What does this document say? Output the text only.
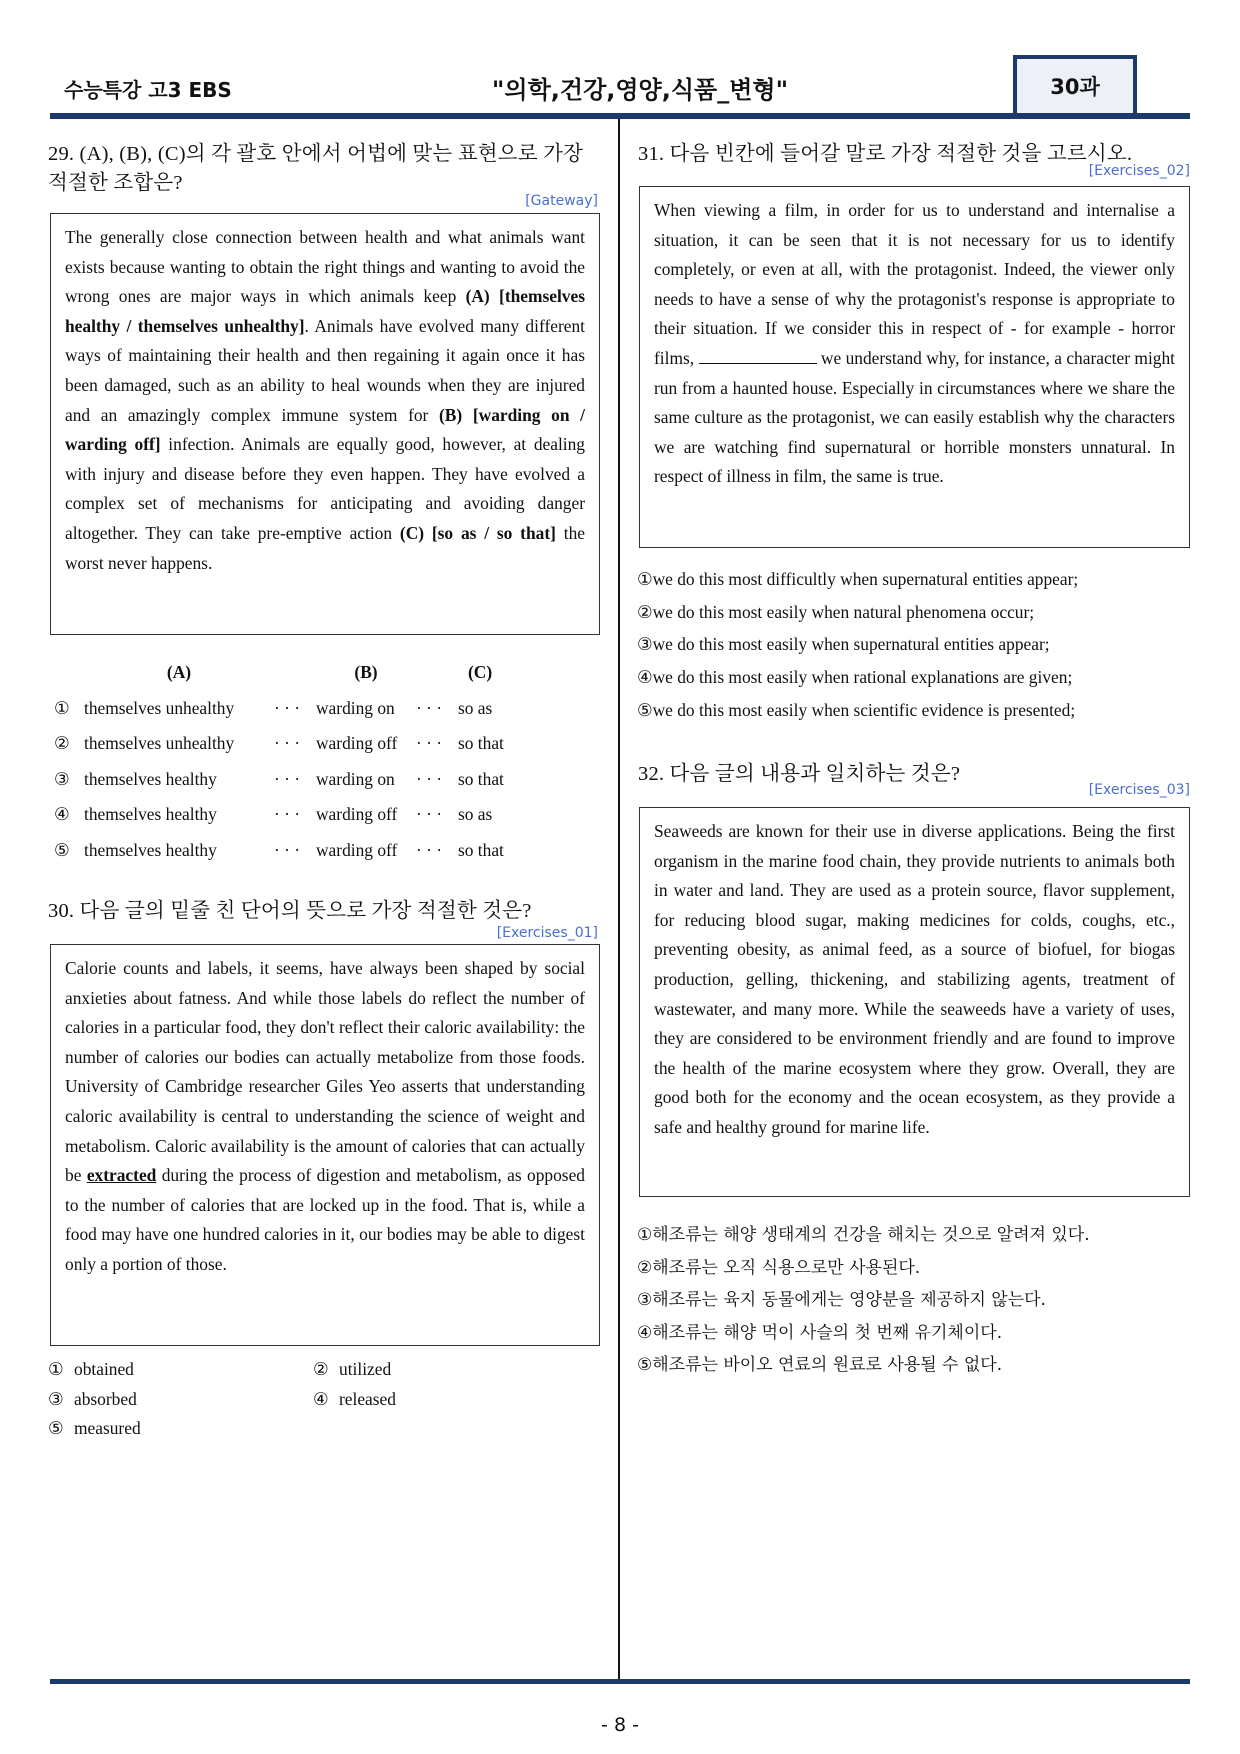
수능특강 고3 EBS	"의학,건강,영양,식품_변형"	30과
29. (A), (B), (C)의 각 괄호 안에서 어법에 맞는 표현으로 가장
적절한 조합은?
[Gateway]
The generally close connection between health and what animals want exists because wanting to obtain the right things and wanting to avoid the wrong ones are major ways in which animals keep (A) [themselves healthy / themselves unhealthy]. Animals have evolved many different ways of maintaining their health and then regaining it again once it has been damaged, such as an ability to heal wounds when they are injured and an amazingly complex immune system for (B) [warding on / warding off] infection. Animals are equally good, however, at dealing with injury and disease before they even happen. They have evolved a complex set of mechanisms for anticipating and avoiding danger altogether. They can take pre-emptive action (C) [so as / so that] the worst never happens.
	(A)		(B)		(C)
①	themselves unhealthy	· · ·	warding on	· · ·	so as
②	themselves unhealthy	· · ·	warding off	· · ·	so that
③	themselves healthy	· · ·	warding on	· · ·	so that
④	themselves healthy	· · ·	warding off	· · ·	so as
⑤	themselves healthy	· · ·	warding off	· · ·	so that
30. 다음 글의 밑줄 친 단어의 뜻으로 가장 적절한 것은?
[Exercises_01]
Calorie counts and labels, it seems, have always been shaped by social anxieties about fatness. And while those labels do reflect the number of calories in a particular food, they don't reflect their caloric availability: the number of calories our bodies can actually metabolize from those foods. University of Cambridge researcher Giles Yeo asserts that understanding caloric availability is central to understanding the science of weight and metabolism. Caloric availability is the amount of calories that can actually be extracted during the process of digestion and metabolism, as opposed to the number of calories that are locked up in the food. That is, while a food may have one hundred calories in it, our bodies may be able to digest only a portion of those.
① obtained	② utilized
③ absorbed	④ released
⑤ measured
31. 다음 빈칸에 들어갈 말로 가장 적절한 것을 고르시오.
[Exercises_02]
When viewing a film, in order for us to understand and internalise a situation, it can be seen that it is not necessary for us to identify completely, or even at all, with the protagonist. Indeed, the viewer only needs to have a sense of why the protagonist's response is appropriate to their situation. If we consider this in respect of - for example - horror films,	we understand why, for instance, a character might run from a haunted house. Especially in circumstances where we share the same culture as the protagonist, we can easily establish why the characters we are watching find supernatural or horrible monsters unnatural. In respect of illness in film, the same is true.
①we do this most difficultly when supernatural entities appear;
②we do this most easily when natural phenomena occur;
③we do this most easily when supernatural entities appear;
④we do this most easily when rational explanations are given;
⑤we do this most easily when scientific evidence is presented;
32. 다음 글의 내용과 일치하는 것은?
[Exercises_03]
Seaweeds are known for their use in diverse applications. Being the first organism in the marine food chain, they provide nutrients to animals both in water and land. They are used as a protein source, flavor supplement, for reducing blood sugar, making medicines for colds, coughs, etc., preventing obesity, as animal feed, as a source of biofuel, for biogas production, gelling, thickening, and stabilizing agents, treatment of wastewater, and many more. While the seaweeds have a variety of uses, they are considered to be environment friendly and are found to improve the health of the marine ecosystem where they grow. Overall, they are good both for the economy and the ocean ecosystem, as they provide a safe and healthy ground for marine life.
①해조류는 해양 생태계의 건강을 해치는 것으로 알려져 있다.
②해조류는 오직 식용으로만 사용된다.
③해조류는 육지 동물에게는 영양분을 제공하지 않는다.
④해조류는 해양 먹이 사슬의 첫 번째 유기체이다.
⑤해조류는 바이오 연료의 원료로 사용될 수 없다.
- 8 -
